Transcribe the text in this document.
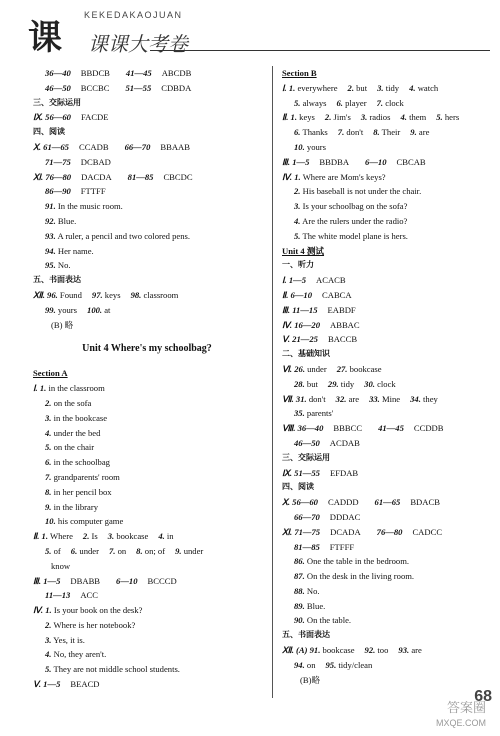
课
KEKEDAKAOJUAN
课课大考卷
36—40 BBDCB 41—45 ABCDB
46—50 BCCBC 51—55 CDBDA
三、交际运用
Ⅸ. 56—60 FACDE
四、阅读
Ⅹ. 61—65 CCADB 66—70 BBAAB
71—75 DCBAD
Ⅺ. 76—80 DACDA 81—85 CBCDC
86—90 FTTFF
91. In the music room.
92. Blue.
93. A ruler, a pencil and two colored pens.
94. Her name.
95. No.
五、书面表达
Ⅻ. 96. Found 97. keys 98. classroom
99. yours 100. at
(B) 略
Unit 4 Where's my schoolbag?
Section A
Ⅰ. 1. in the classroom
2. on the sofa
3. in the bookcase
4. under the bed
5. on the chair
6. in the schoolbag
7. grandparents' room
8. in her pencil box
9. in the library
10. his computer game
Ⅱ. 1. Where 2. Is 3. bookcase 4. in
5. of 6. under 7. on 8. on; of 9. under
know
Ⅲ. 1—5 DBABB 6—10 BCCCD
11—13 ACC
Ⅳ. 1. Is your book on the desk?
2. Where is her notebook?
3. Yes, it is.
4. No, they aren't.
5. They are not middle school students.
Ⅴ. 1—5 BEACD
Section B
Ⅰ. 1. everywhere 2. but 3. tidy 4. watch
5. always 6. player 7. clock
Ⅱ. 1. keys 2. Jim's 3. radios 4. them 5. hers
6. Thanks 7. don't 8. Their 9. are
10. yours
Ⅲ. 1—5 BBDBA 6—10 CBCAB
Ⅳ. 1. Where are Mom's keys?
2. His baseball is not under the chair.
3. Is your schoolbag on the sofa?
4. Are the rulers under the radio?
5. The white model plane is hers.
Unit 4 测试
一、听力
Ⅰ. 1—5 ACACB
Ⅱ. 6—10 CABCA
Ⅲ. 11—15 EABDF
Ⅳ. 16—20 ABBAC
Ⅴ. 21—25 BACCB
二、基础知识
Ⅵ. 26. under 27. bookcase
28. but 29. tidy 30. clock
Ⅶ. 31. don't 32. are 33. Mine 34. they
35. parents'
Ⅷ. 36—40 BBBCC 41—45 CCDDB
46—50 ACDAB
三、交际运用
Ⅸ. 51—55 EFDAB
四、阅读
Ⅹ. 56—60 CADDD 61—65 BDACB
66—70 DDDAC
Ⅺ. 71—75 DCADA 76—80 CADCC
81—85 FTFFF
86. One the table in the bedroom.
87. On the desk in the living room.
88. No.
89. Blue.
90. On the table.
五、书面表达
Ⅻ. (A) 91. bookcase 92. too 93. are
94. on 95. tidy/clean
(B)略
答案圈
MXQE.COM
68
